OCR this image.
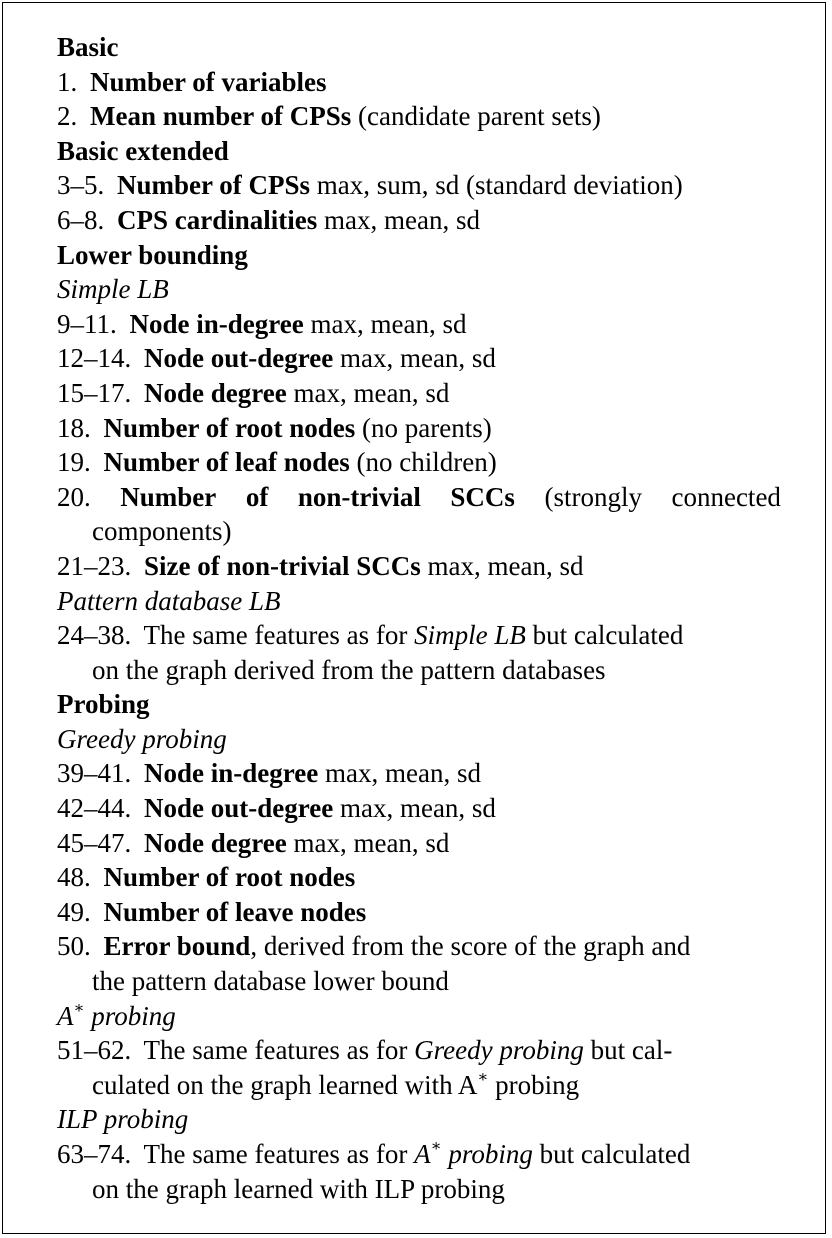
Basic
1. Number of variables
2. Mean number of CPSs (candidate parent sets)
Basic extended
3–5. Number of CPSs max, sum, sd (standard deviation)
6–8. CPS cardinalities max, mean, sd
Lower bounding
Simple LB
9–11. Node in-degree max, mean, sd
12–14. Node out-degree max, mean, sd
15–17. Node degree max, mean, sd
18. Number of root nodes (no parents)
19. Number of leaf nodes (no children)
20. Number of non-trivial SCCs (strongly connected
components)
21–23. Size of non-trivial SCCs max, mean, sd
Pattern database LB
24–38. The same features as for Simple LB but calculated
on the graph derived from the pattern databases
Probing
Greedy probing
39–41. Node in-degree max, mean, sd
42–44. Node out-degree max, mean, sd
45–47. Node degree max, mean, sd
48. Number of root nodes
49. Number of leave nodes
50. Error bound, derived from the score of the graph and
the pattern database lower bound
A∗ probing
51–62. The same features as for Greedy probing but cal-
culated on the graph learned with A∗ probing
ILP probing
63–74. The same features as for A∗ probing but calculated
on the graph learned with ILP probing
